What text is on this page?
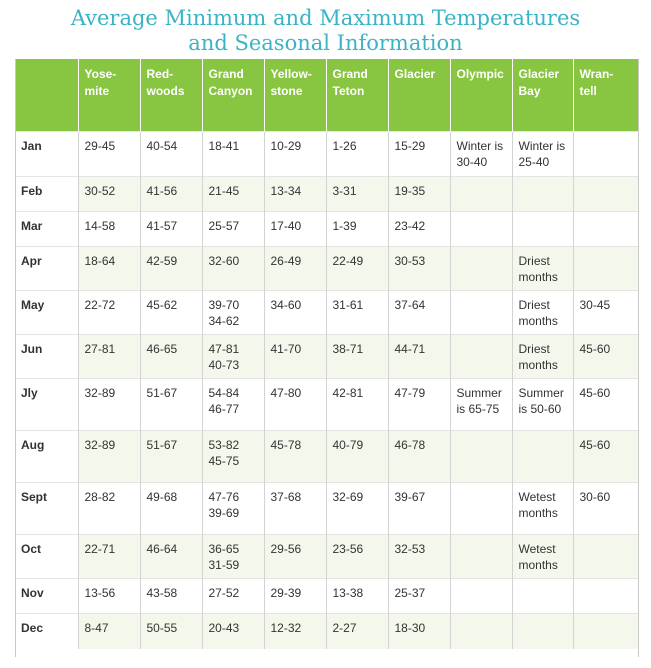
Average Minimum and Maximum Temperatures
and Seasonal Information

	Yose-
mite	Red-
woods	Grand
Canyon	Yellow-
stone	Grand
Teton	Glacier	Olympic	Glacier
Bay	Wran-
tell

Jan	29-45	40-54	18-41	10-29	1-26	15-29	Winter is
30-40	Winter is
25-40	

Feb	30-52	41-56	21-45	13-34	3-31	19-35			

Mar	14-58	41-57	25-57	17-40	1-39	23-42			

Apr	18-64	42-59	32-60	26-49	22-49	30-53		Driest
months	

May	22-72	45-62	39-70
34-62	34-60	31-61	37-64		Driest
months	30-45

Jun	27-81	46-65	47-81
40-73	41-70	38-71	44-71		Driest
months	45-60

Jly	32-89	51-67	54-84
46-77	47-80	42-81	47-79	Summer
is 65-75	Summer
is 50-60	45-60

Aug	32-89	51-67	53-82
45-75	45-78	40-79	46-78			45-60

Sept	28-82	49-68	47-76
39-69	37-68	32-69	39-67		Wetest
months	30-60

Oct	22-71	46-64	36-65
31-59	29-56	23-56	32-53		Wetest
months	

Nov	13-56	43-58	27-52	29-39	13-38	25-37			

Dec	8-47	50-55	20-43	12-32	2-27	18-30			
